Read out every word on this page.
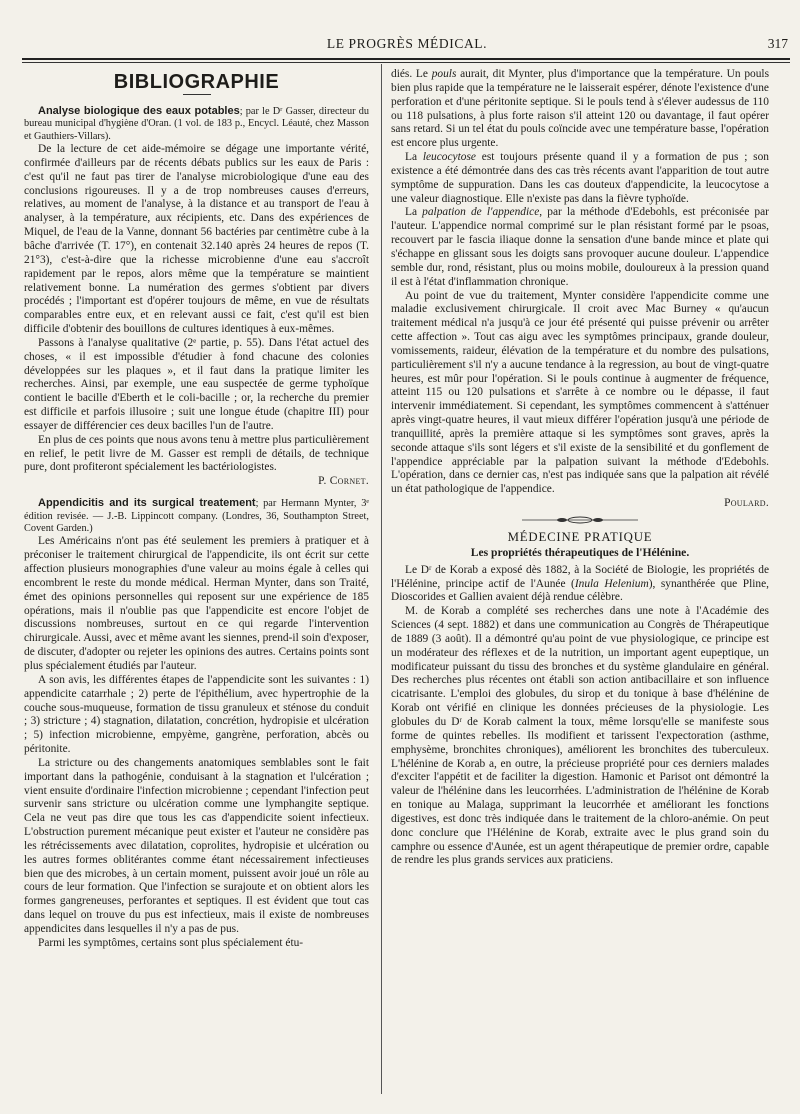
LE PROGRÈS MÉDICAL.	317
BIBLIOGRAPHIE

Analyse biologique des eaux potables; par le Dʳ Gasser, directeur du bureau municipal d'hygiène d'Oran. (1 vol. de 183 p., Encycl. Léauté, chez Masson et Gauthiers-Villars).

De la lecture de cet aide-mémoire se dégage une importante vérité, confirmée d'ailleurs par de récents débats publics sur les eaux de Paris : c'est qu'il ne faut pas tirer de l'analyse microbiologique d'une eau des conclusions rigoureuses. Il y a de trop nombreuses causes d'erreurs, relatives, au moment de l'analyse, à la distance et au transport de l'eau à analyser, à la température, aux récipients, etc. Dans des expériences de Miquel, de l'eau de la Vanne, donnant 56 bactéries par centimètre cube à la bâche d'arrivée (T. 17°), en contenait 32.140 après 24 heures de repos (T. 21°3), c'est-à-dire que la richesse microbienne d'une eau s'accroît rapidement par le repos, alors même que la température se maintient relativement bonne. La numération des germes s'obtient par divers procédés ; l'important est d'opérer toujours de même, en vue de résultats comparables entre eux, et en relevant aussi ce fait, c'est qu'il est bien difficile d'obtenir des bouillons de cultures identiques à eux-mêmes.

Passons à l'analyse qualitative (2ᵉ partie, p. 55). Dans l'état actuel des choses, « il est impossible d'étudier à fond chacune des colonies développées sur les plaques », et il faut dans la pratique limiter les recherches. Ainsi, par exemple, une eau suspectée de germe typhoïque contient le bacille d'Eberth et le coli-bacille ; or, la recherche du premier est difficile et parfois illusoire ; suit une longue étude (chapitre III) pour essayer de différencier ces deux bacilles l'un de l'autre.

En plus de ces points que nous avons tenu à mettre plus particulièrement en relief, le petit livre de M. Gasser est rempli de détails, de technique pure, dont profiteront spécialement les bactériologistes.

P. Cornet.

Appendicitis and its surgical treatement; par Hermann Mynter, 3ᵉ édition revisée. — J.-B. Lippincott company. (Londres, 36, Southampton Street, Covent Garden.)

Les Américains n'ont pas été seulement les premiers à pratiquer et à préconiser le traitement chirurgical de l'appendicite, ils ont écrit sur cette affection plusieurs monographies d'une valeur au moins égale à celles qui encombrent le reste du monde médical. Herman Mynter, dans son Traité, émet des opinions personnelles qui reposent sur une expérience de 185 opérations, mais il n'oublie pas que l'appendicite est encore l'objet de discussions nombreuses, surtout en ce qui regarde l'intervention chirurgicale. Aussi, avec et même avant les siennes, prend-il soin d'exposer, de discuter, d'adopter ou rejeter les opinions des autres. Certains points sont plus spécialement étudiés par l'auteur.

A son avis, les différentes étapes de l'appendicite sont les suivantes : 1) appendicite catarrhale ; 2) perte de l'épithélium, avec hypertrophie de la couche sous-muqueuse, formation de tissu granuleux et sténose du conduit ; 3) stricture ; 4) stagnation, dilatation, concrétion, hydropisie et ulcération ; 5) infection microbienne, empyème, gangrène, perforation, abcès ou péritonite.

La stricture ou des changements anatomiques semblables sont le fait important dans la pathogénie, conduisant à la stagnation et l'ulcération ; vient ensuite d'ordinaire l'infection microbienne ; cependant l'infection peut survenir sans stricture ou ulcération comme une lymphangite septique. Cela ne veut pas dire que tous les cas d'appendicite soient infectieux. L'obstruction purement mécanique peut exister et l'auteur ne considère pas les rétrécissements avec dilatation, coprolites, hydropisie et ulcération ou les autres formes oblitérantes comme étant nécessairement infectieuses bien que des microbes, à un certain moment, puissent avoir joué un rôle au cours de leur formation. Que l'infection se surajoute et on obtient alors les formes gangreneuses, perforantes et septiques. Il est évident que tout cas dans lequel on trouve du pus est infectieux, mais il existe de nombreuses appendicites dans lesquelles il n'y a pas de pus.

Parmi les symptômes, certains sont plus spécialement étu-

diés. Le pouls aurait, dit Mynter, plus d'importance que la température. Un pouls bien plus rapide que la température ne le laisserait espérer, dénote l'existence d'une perforation et d'une péritonite septique. Si le pouls tend à s'élever audessus de 110 ou 118 pulsations, à plus forte raison s'il atteint 120 ou davantage, il faut opérer sans retard. Si un tel état du pouls coïncide avec une température basse, l'opération est encore plus urgente.

La leucocytose est toujours présente quand il y a formation de pus ; son existence a été démontrée dans des cas très récents avant l'apparition de tout autre symptôme de suppuration. Dans les cas douteux d'appendicite, la leucocytose a une valeur diagnostique. Elle n'existe pas dans la fièvre typhoïde.

La palpation de l'appendice, par la méthode d'Edebohls, est préconisée par l'auteur. L'appendice normal comprimé sur le plan résistant formé par le psoas, recouvert par le fascia iliaque donne la sensation d'une bande mince et plate qui s'échappe en glissant sous les doigts sans provoquer aucune douleur. L'appendice semble dur, rond, résistant, plus ou moins mobile, douloureux à la pression quand il est à l'état d'inflammation chronique.

Au point de vue du traitement, Mynter considère l'appendicite comme une maladie exclusivement chirurgicale. Il croit avec Mac Burney « qu'aucun traitement médical n'a jusqu'à ce jour été présenté qui puisse prévenir ou arrêter cette affection ». Tout cas aigu avec les symptômes principaux, grande douleur, vomissements, raideur, élévation de la température et du nombre des pulsations, particulièrement s'il n'y a aucune tendance à la regression, au bout de vingt-quatre heures, est mûr pour l'opération. Si le pouls continue à augmenter de fréquence, atteint 115 ou 120 pulsations et s'arrête à ce nombre ou le dépasse, il faut intervenir immédiatement. Si cependant, les symptômes commencent à s'atténuer après vingt-quatre heures, il vaut mieux différer l'opération jusqu'à une période de tranquillité, après la première attaque si les symptômes sont graves, après la seconde attaque s'ils sont légers et s'il existe de la sensibilité et du gonflement de l'appendice appréciable par la palpation suivant la méthode d'Edebohls. L'opération, dans ce dernier cas, n'est pas indiquée sans que la palpation ait révélé un état pathologique de l'appendice.

Poulard.

MÉDECINE PRATIQUE
Les propriétés thérapeutiques de l'Hélénine.

Le Dʳ de Korab a exposé dès 1882, à la Société de Biologie, les propriétés de l'Hélénine, principe actif de l'Aunée (Inula Helenium), synanthérée que Pline, Dioscorides et Gallien avaient déjà rendue célèbre.

M. de Korab a complété ses recherches dans une note à l'Académie des Sciences (4 sept. 1882) et dans une communication au Congrès de Thérapeutique de 1889 (3 août). Il a démontré qu'au point de vue physiologique, ce principe est un modérateur des réflexes et de la nutrition, un important agent eupeptique, un modificateur puissant du tissu des bronches et du système glandulaire en général. Des recherches plus récentes ont établi son action antibacillaire et son influence cicatrisante. L'emploi des globules, du sirop et du tonique à base d'hélénine de Korab ont vérifié en clinique les données précieuses de la physiologie. Les globules du Dʳ de Korab calment la toux, même lorsqu'elle se manifeste sous forme de quintes rebelles. Ils modifient et tarissent l'expectoration (asthme, emphysème, bronchites chroniques), améliorent les bronchites des tuberculeux. L'hélénine de Korab a, en outre, la précieuse propriété pour ces derniers malades d'exciter l'appétit et de faciliter la digestion. Hamonic et Parisot ont démontré la valeur de l'hélénine dans les leucorrhées. L'administration de l'hélénine de Korab en tonique au Malaga, supprimant la leucorrhée et améliorant les fonctions digestives, est donc très indiquée dans le traitement de la chloro-anémie. On peut donc conclure que l'Hélénine de Korab, extraite avec le plus grand soin du camphre ou essence d'Aunée, est un agent thérapeutique de premier ordre, capable de rendre les plus grands services aux praticiens.
